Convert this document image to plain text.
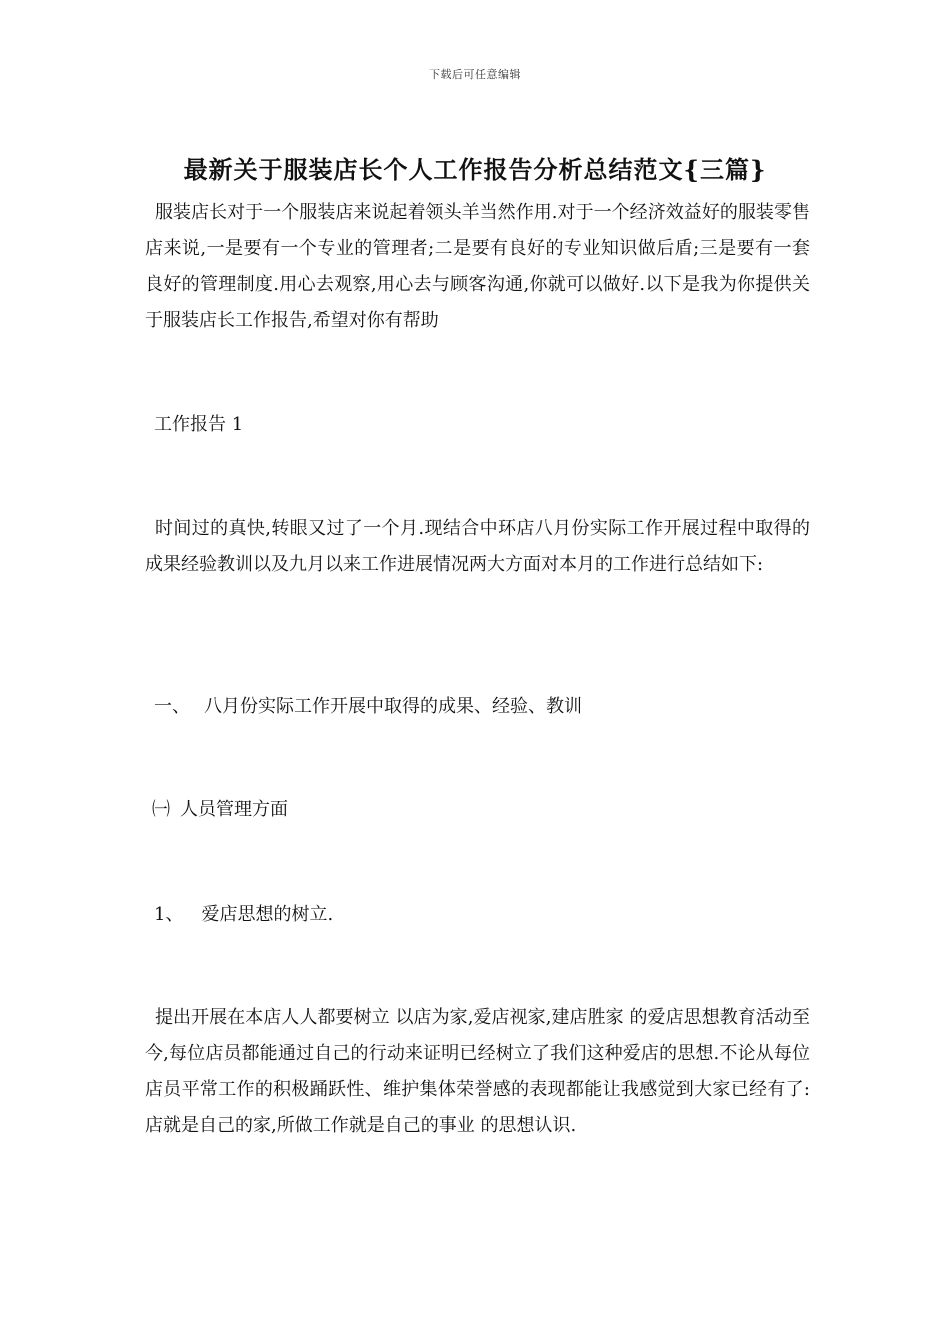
下载后可任意编辑
最新关于服装店长个人工作报告分析总结范文{三篇}

服装店长对于一个服装店来说起着领头羊当然作用.对于一个经济效益好的服装零售店来说,一是要有一个专业的管理者;二是要有良好的专业知识做后盾;三是要有一套良好的管理制度.用心去观察,用心去与顾客沟通,你就可以做好.以下是我为你提供关于服装店长工作报告,希望对你有帮助

工作报告 1

时间过的真快,转眼又过了一个月.现结合中环店八月份实际工作开展过程中取得的成果经验教训以及九月以来工作进展情况两大方面对本月的工作进行总结如下:

一、 八月份实际工作开展中取得的成果、经验、教训

㈠ 人员管理方面

1、 爱店思想的树立.

提出开展在本店人人都要树立 以店为家,爱店视家,建店胜家 的爱店思想教育活动至今,每位店员都能通过自己的行动来证明已经树立了我们这种爱店的思想.不论从每位店员平常工作的积极踊跃性、维护集体荣誉感的表现都能让我感觉到大家已经有了: 店就是自己的家,所做工作就是自己的事业 的思想认识.
